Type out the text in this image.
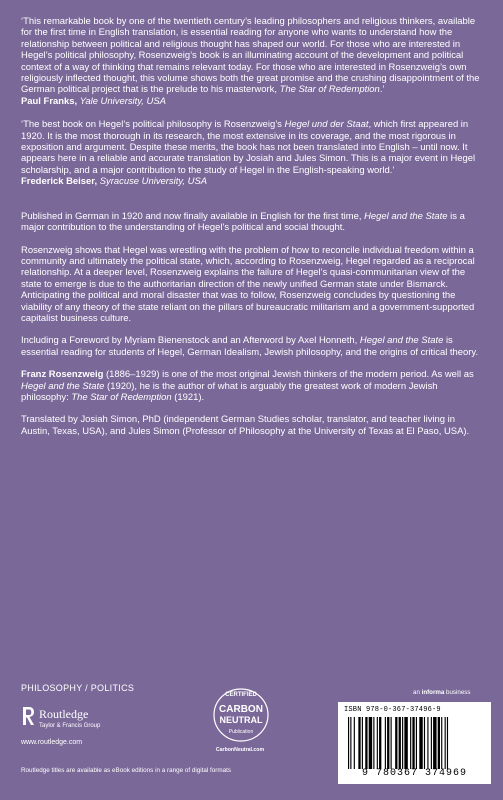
‘This remarkable book by one of the twentieth century’s leading philosophers and religious thinkers, available for the first time in English translation, is essential reading for anyone who wants to understand how the relationship between political and religious thought has shaped our world. For those who are interested in Hegel’s political philosophy, Rosenzweig’s book is an illuminating account of the development and political context of a way of thinking that remains relevant today. For those who are interested in Rosenzweig’s own religiously inflected thought, this volume shows both the great promise and the crushing disappointment of the German political project that is the prelude to his masterwork, The Star of Redemption.’

Paul Franks, Yale University, USA

‘The best book on Hegel’s political philosophy is Rosenzweig’s Hegel und der Staat, which first appeared in 1920. It is the most thorough in its research, the most extensive in its coverage, and the most rigorous in exposition and argument. Despite these merits, the book has not been translated into English – until now. It appears here in a reliable and accurate translation by Josiah and Jules Simon. This is a major event in Hegel scholarship, and a major contribution to the study of Hegel in the English-speaking world.’

Frederick Beiser, Syracuse University, USA

Published in German in 1920 and now finally available in English for the first time, Hegel and the State is a major contribution to the understanding of Hegel’s political and social thought.

Rosenzweig shows that Hegel was wrestling with the problem of how to reconcile individual freedom within a community and ultimately the political state, which, according to Rosenzweig, Hegel regarded as a reciprocal relationship. At a deeper level, Rosenzweig explains the failure of Hegel’s quasi-communitarian view of the state to emerge is due to the authoritarian direction of the newly unified German state under Bismarck. Anticipating the political and moral disaster that was to follow, Rosenzweig concludes by questioning the viability of any theory of the state reliant on the pillars of bureaucratic militarism and a government-supported capitalist business culture.

Including a Foreword by Myriam Bienenstock and an Afterword by Axel Honneth, Hegel and the State is essential reading for students of Hegel, German Idealism, Jewish philosophy, and the origins of critical theory.

Franz Rosenzweig (1886–1929) is one of the most original Jewish thinkers of the modern period. As well as Hegel and the State (1920), he is the author of what is arguably the greatest work of modern Jewish philosophy: The Star of Redemption (1921).

Translated by Josiah Simon, PhD (independent German Studies scholar, translator, and teacher living in Austin, Texas, USA), and Jules Simon (Professor of Philosophy at the University of Texas at El Paso, USA).

PHILOSOPHY / POLITICS
Routledge
Taylor & Francis Group
www.routledge.com
CERTIFIED
CARBON
NEUTRAL
Publication
CarbonNeutral.com
an informa business
ISBN 978-0-367-37496-9
9 780367 374969
Routledge titles are available as eBook editions in a range of digital formats
